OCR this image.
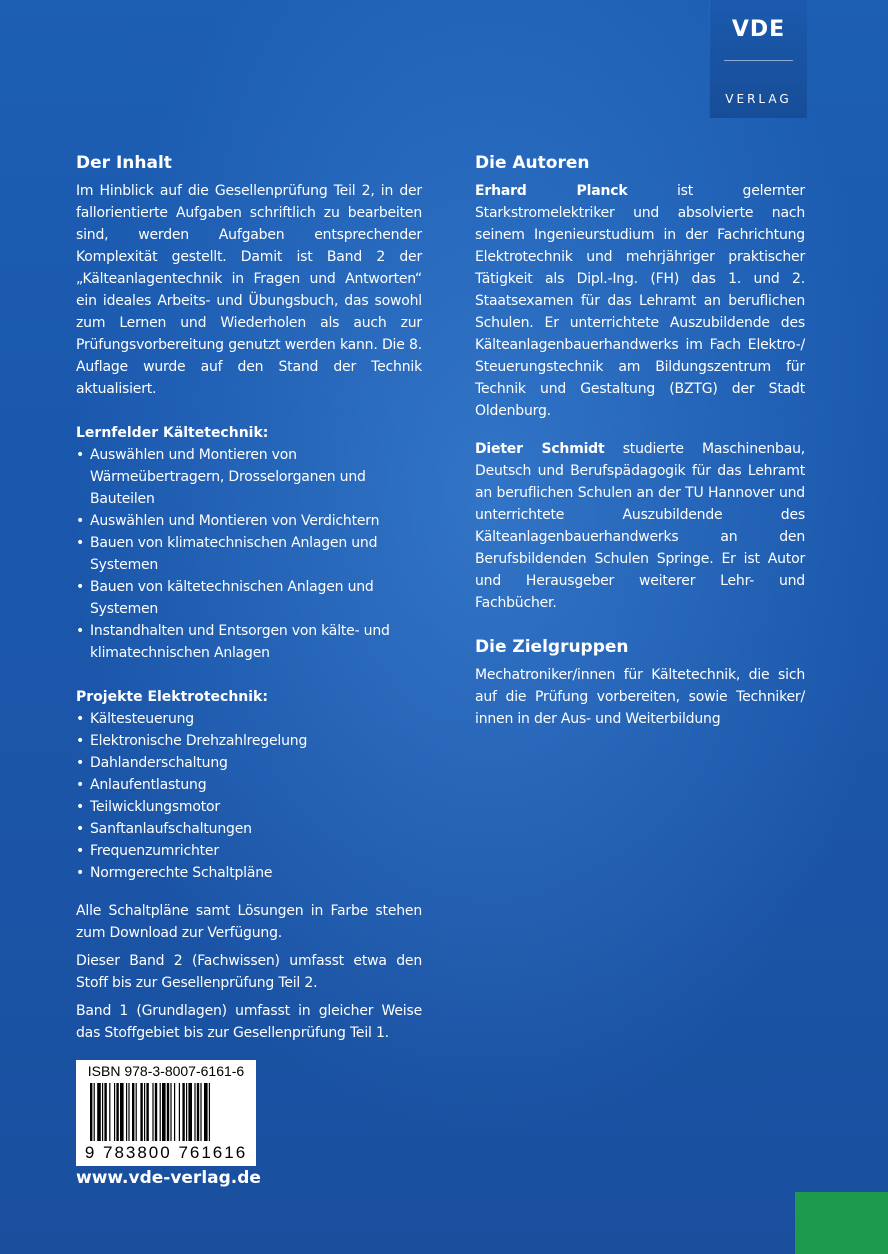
VDE
VERLAG
Der Inhalt

Im Hinblick auf die Gesellenprüfung Teil 2, in der fallorientierte Aufgaben schriftlich zu bearbeiten sind, werden Aufgaben entsprechender Komplexität gestellt. Damit ist Band 2 der „Kälteanlagentechnik in Fragen und Antworten“ ein ideales Arbeits- und Übungsbuch, das sowohl zum Lernen und Wiederholen als auch zur Prüfungsvorbereitung genutzt werden kann. Die 8. Auflage wurde auf den Stand der Technik aktualisiert.

Lernfelder Kältetechnik:
• Auswählen und Montieren von Wärmeübertragern, Drosselorganen und Bauteilen
• Auswählen und Montieren von Verdichtern
• Bauen von klimatechnischen Anlagen und Systemen
• Bauen von kältetechnischen Anlagen und Systemen
• Instandhalten und Entsorgen von kälte- und klimatechnischen Anlagen
Projekte Elektrotechnik:
• Kältesteuerung
• Elektronische Drehzahlregelung
• Dahlanderschaltung
• Anlaufentlastung
• Teilwicklungsmotor
• Sanftanlaufschaltungen
• Frequenzumrichter
• Normgerechte Schaltpläne

Alle Schaltpläne samt Lösungen in Farbe stehen zum Download zur Verfügung.

Dieser Band 2 (Fachwissen) umfasst etwa den Stoff bis zur Gesellenprüfung Teil 2.

Band 1 (Grundlagen) umfasst in gleicher Weise das Stoffgebiet bis zur Gesellenprüfung Teil 1.

Die Autoren

Erhard Planck ist gelernter Starkstromelektriker und absolvierte nach seinem Ingenieurstudium in der Fachrichtung Elektrotechnik und mehrjähriger praktischer Tätigkeit als Dipl.-Ing. (FH) das 1. und 2. Staatsexamen für das Lehramt an beruflichen Schulen. Er unterrichtete Auszubildende des Kälteanlagenbauerhandwerks im Fach Elektro-/ Steuerungstechnik am Bildungszentrum für Technik und Gestaltung (BZTG) der Stadt Oldenburg.

Dieter Schmidt studierte Maschinenbau, Deutsch und Berufspädagogik für das Lehramt an beruflichen Schulen an der TU Hannover und unterrichtete Auszubildende des Kälteanlagenbauerhandwerks an den Berufsbildenden Schulen Springe. Er ist Autor und Herausgeber weiterer Lehr- und Fachbücher.

Die Zielgruppen

Mechatroniker/innen für Kältetechnik, die sich auf die Prüfung vorbereiten, sowie Techniker/ innen in der Aus- und Weiterbildung

ISBN 978-3-8007-6161-6
9 783800 761616
www.vde-verlag.de
